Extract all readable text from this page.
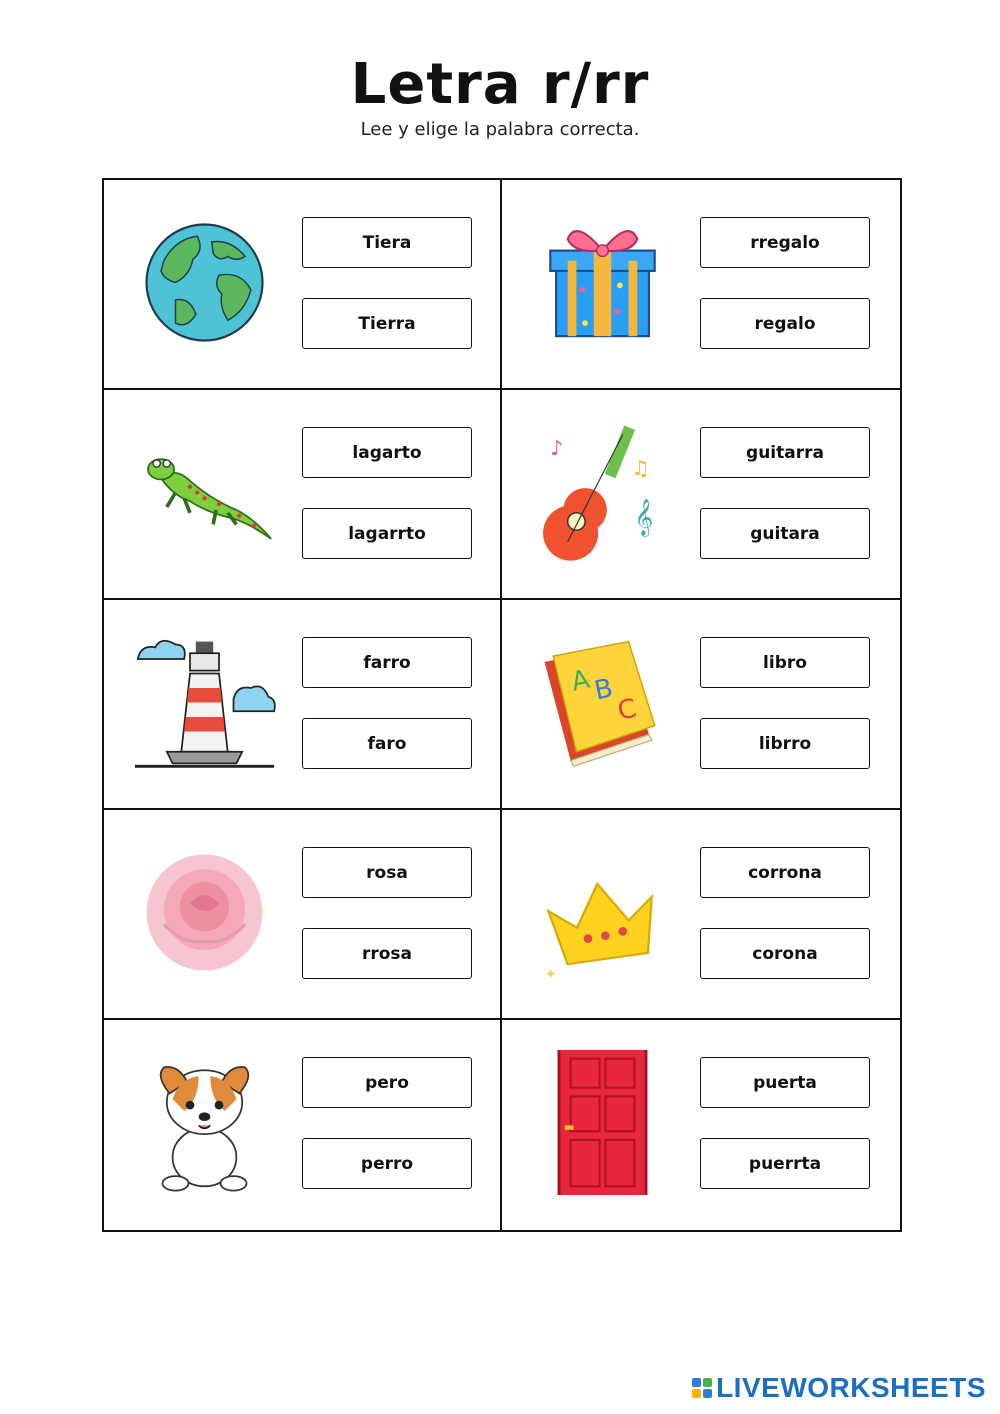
Letra r/rr
Lee y elige la palabra correcta.
Tiera
Tierra
rregalo
regalo
lagarto
lagarrto
♪
♫
𝄞
guitarra
guitara
farro
faro
A B
C
libro
librro
rosa
rrosa
✦
corrona
corona
pero
perro
puerta
puerrta
LIVEWORKSHEETS
